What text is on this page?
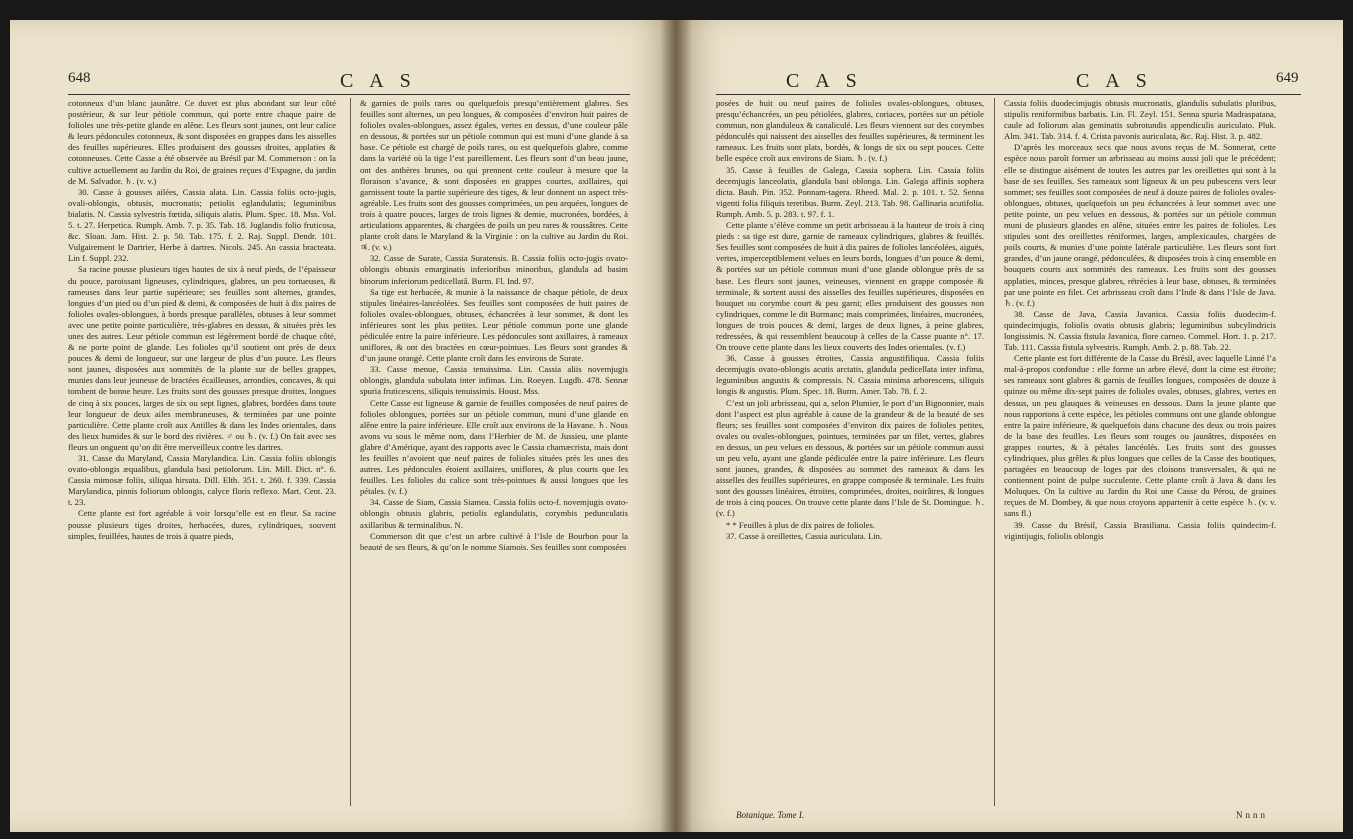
648	C A S

cotonneux d’un blanc jaunâtre. Ce duvet est plus abondant sur leur côté postérieur, & sur leur pétiole commun, qui porte entre chaque paire de folioles une très-petite glande en alêne. Les fleurs sont jaunes, ont leur calice & leurs pédoncules cotonneux, & sont disposées en grappes dans les aisselles des feuilles supérieures. Elles produisent des gousses droites, applaties & cotonneuses. Cette Casse a été observée au Brésil par M. Commerson : on la cultive actuellement au Jardin du Roi, de graines reçues d’Espagne, du jardin de M. Salvador. ♄. (v. v.)

30. Casse à gousses ailées, Cassia alata. Lin. Cassia foliis octo-jugis, ovali-oblongis, obtusis, mucronatis; petiolis eglandulatis; leguminibus bialatis. N. Cassia sylvestris fœtida, siliquis alatis. Plum. Spec. 18. Mss. Vol. 5. t. 27. Herpetica. Rumph. Amb. 7. p. 35. Tab. 18. Juglandis folio fruticosa, &c. Sloan. Jam. Hist. 2. p. 50. Tab. 175. f. 2. Raj. Suppl. Dendr. 101. Vulgairement le Dartrier, Herbe à dartres. Nicols. 245. An cassia bracteata. Lin f. Suppl. 232.

Sa racine pousse plusieurs tiges hautes de six à neuf pieds, de l’épaisseur du pouce, paroissant ligneuses, cylindriques, glabres, un peu tortueuses, & rameuses dans leur partie supérieure; ses feuilles sont alternes, grandes, longues d’un pied ou d’un pied & demi, & composées de huit à dix paires de folioles ovales-oblongues, à bords presque parallèles, obtuses à leur sommet avec une petite pointe particulière, très-glabres en dessus, & situées près les unes des autres. Leur pétiole commun est légèrement bordé de chaque côté, & ne porte point de glande. Les folioles qu’il soutient ont près de deux pouces & demi de longueur, sur une largeur de plus d’un pouce. Les fleurs sont jaunes, disposées aux sommités de la plante sur de belles grappes, munies dans leur jeunesse de bractées écailleuses, arrondies, concaves, & qui tombent de bonne heure. Les fruits sont des gousses presque droites, longues de cinq à six pouces, larges de six ou sept lignes, glabres, bordées dans toute leur longueur de deux ailes membraneuses, & terminées par une pointe particulière. Cette plante croît aux Antilles & dans les Indes orientales, dans des lieux humides & sur le bord des rivières. ♂ ou ♄. (v. f.) On fait avec ses fleurs un onguent qu’on dit être merveilleux contre les dartres.

31. Casse du Maryland, Cassia Marylandica. Lin. Cassia foliis oblongis ovato-oblongis æqualibus, glandula basi petiolorum. Lin. Mill. Dict. n°. 6. Cassia mimosæ foliis, siliqua hirsuta. Dill. Elth. 351. t. 260. f. 339. Cassia Marylandica, pinnis foliorum oblongis, calyce floris reflexo. Mart. Cent. 23. t. 23.

Cette plante est fort agréable à voir lorsqu’elle est en fleur. Sa racine pousse plusieurs tiges droites, herbacées, dures, cylindriques, souvent simples, feuillées, hautes de trois à quatre pieds,

& garnies de poils rares ou quelquefois presqu’entièrement glabres. Ses feuilles sont alternes, un peu longues, & composées d’environ huit paires de folioles ovales-oblongues, assez égales, vertes en dessus, d’une couleur pâle en dessous, & portées sur un pétiole commun qui est muni d’une glande à sa base. Ce pétiole est chargé de poils rares, ou est quelquefois glabre, comme dans la variété où la tige l’est pareillement. Les fleurs sont d’un beau jaune, ont des anthères brunes, ou qui prennent cette couleur à mesure que la floraison s’avance, & sont disposées en grappes courtes, axillaires, qui garnissent toute la partie supérieure des tiges, & leur donnent un aspect très-agréable. Les fruits sont des gousses comprimées, un peu arquées, longues de trois à quatre pouces, larges de trois lignes & demie, mucronées, bordées, à articulations apparentes, & chargées de poils un peu rares & roussâtres. Cette plante croît dans le Maryland & la Virginie : on la cultive au Jardin du Roi. ♃. (v. v.)

32. Casse de Surate, Cassia Suratensis. B. Cassia foliis octo-jugis ovato-oblongis obtusis emarginatis inferioribus minoribus, glandula ad basim binorum inferiorum pedicellatâ. Burm. Fl. Ind. 97.

Sa tige est herbacée, & munie à la naissance de chaque pétiole, de deux stipules linéaires-lancéolées. Ses feuilles sont composées de huit paires de folioles ovales-oblongues, obtuses, échancrées à leur sommet, & dont les inférieures sont les plus petites. Leur pétiole commun porte une glande pédiculée entre la paire inférieure. Les pédoncules sont axillaires, à rameaux uniflores, & ont des bractées en cœur-pointues. Les fleurs sont grandes & d’un jaune orangé. Cette plante croît dans les environs de Surate.

33. Casse menue, Cassia tenuissima. Lin. Cassia aliis novemjugis oblongis, glandula subulata inter infimas. Lin. Roeyen. Lugdb. 478. Sennæ spuria fruticescens, siliquis tenuissimis. Houst. Mss.

Cette Casse est ligneuse & garnie de feuilles composées de neuf paires de folioles oblongues, portées sur un pétiole commun, muni d’une glande en alêne entre la paire inférieure. Elle croît aux environs de la Havane. ♄. Nous avons vu sous le même nom, dans l’Herbier de M. de Jussieu, une plante glabre d’Amérique, ayant des rapports avec le Cassia chamæcrista, mais dont les feuilles n’avoient que neuf paires de folioles situées près les unes des autres. Les pédoncules étoient axillaires, uniflores, & plus courts que les feuilles. Les folioles du calice sont très-pointues & aussi longues que les pétales. (v. f.)

34. Casse de Siam, Cassia Siamea. Cassia foliis octo-f. novemjugis ovato-oblongis obtusis glabris, petiolis eglandulatis, corymbis pedunculatis axillaribus & terminalibus. N.

Commerson dit que c’est un arbre cultivé à l’Isle de Bourbon pour la beauté de ses fleurs, & qu’on le nomme Siamois. Ses feuilles sont composées

C A S	C A S	649

posées de huit ou neuf paires de folioles ovales-oblongues, obtuses, presqu’échancrées, un peu pétiolées, glabres, coriaces, portées sur un pétiole commun, non glanduleux & canaliculé. Les fleurs viennent sur des corymbes pédonculés qui naissent des aisselles des feuilles supérieures, & terminent les rameaux. Les fruits sont plats, bordés, & longs de six ou sept pouces. Cette belle espèce croît aux environs de Siam. ♄. (v. f.)

35. Casse à feuilles de Galega, Cassia sophera. Lin. Cassia foliis decemjugis lanceolatis, glandula basi oblonga. Lin. Galega affinis sophera dicta. Bauh. Pin. 352. Ponnam-tagera. Rheed. Mal. 2. p. 101. t. 52. Senna vigenti folia filiquis teretibus. Burm. Zeyl. 213. Tab. 98. Gallinaria acutifolia. Rumph. Amb. 5. p. 283. t. 97. f. 1.

Cette plante s’élève comme un petit arbrisseau à la hauteur de trois à cinq pieds : sa tige est dure, garnie de rameaux cylindriques, glabres & feuillés. Ses feuilles sont composées de huit à dix paires de folioles lancéolées, aiguës, vertes, imperceptiblement velues en leurs bords, longues d’un pouce & demi, & portées sur un pétiole commun muni d’une glande oblongue près de sa base. Les fleurs sont jaunes, veineuses, viennent en grappe composée & terminale, & sortent aussi des aisselles des feuilles supérieures, disposées en bouquet ou corymbe court & peu garni; elles produisent des gousses non cylindriques, comme le dit Burmanc; mais comprimées, linéaires, mucronées, longues de trois pouces & demi, larges de deux lignes, à peine glabres, redressées, & qui ressemblent beaucoup à celles de la Casse puante n°. 17. On trouve cette plante dans les lieux couverts des Indes orientales. (v. f.)

36. Casse à gousses étroites, Cassia angustifiliqua. Cassia foliis decemjugis ovato-oblongis acutis arctatis, glandula pedicellata inter infima, leguminibus angustis & compressis. N. Cassia minima arborescens, siliquis longis & angustis. Plum. Spec. 18. Burm. Amer. Tab. 78. f. 2.

C’est un joli arbrisseau, qui a, selon Plumier, le port d’un Bignonnier, mais dont l’aspect est plus agréable à cause de la grandeur & de la beauté de ses fleurs; ses feuilles sont composées d’environ dix paires de folioles petites, ovales ou ovales-oblongues, pointues, terminées par un filet, vertes, glabres en dessus, un peu velues en dessous, & portées sur un pétiole commun aussi un peu velu, ayant une glande pédiculée entre la paire inférieure. Les fleurs sont jaunes, grandes, & disposées au sommet des rameaux & dans les aisselles des feuilles supérieures, en grappe composée & terminale. Les fruits sont des gousses linéaires, étroites, comprimées, droites, noirâtres, & longues de trois à cinq pouces. On trouve cette plante dans l’Isle de St. Domingue. ♄. (v. f.)

* * Feuilles à plus de dix paires de folioles.

37. Casse à oreillettes, Cassia auriculata. Lin.

Cassia foliis duodecimjugis obtusis mucronatis, glandulis subulatis pluribus, stipulis reniformibus barbatis. Lin. Fl. Zeyl. 151. Senna spuria Madraspatana, caule ad foliorum alas geminatis subrotundis appendiculis auriculato. Pluk. Alm. 341. Tab. 314. f. 4. Crista pavonis auriculata, &c. Raj. Hist. 3. p. 482.

D’après les morceaux secs que nous avons reçus de M. Sonnerat, cette espèce nous paroît former un arbrisseau au moins aussi joli que le précédent; elle se distingue aisément de toutes les autres par les oreillettes qui sont à la base de ses feuilles. Ses rameaux sont ligneux & un peu pubescens vers leur sommet; ses feuilles sont composées de neuf à douze paires de folioles ovales-oblongues, obtuses, quelquefois un peu échancrées à leur sommet avec une petite pointe, un peu velues en dessous, & portées sur un pétiole commun muni de plusieurs glandes en alêne, situées entre les paires de folioles. Les stipules sont des oreillettes réniformes, larges, amplexicaules, chargées de poils courts, & munies d’une pointe latérale particulière. Les fleurs sont fort grandes, d’un jaune orangé, pédonculées, & disposées trois à cinq ensemble en bouquets courts aux sommités des rameaux. Les fruits sont des gousses applaties, minces, presque glabres, rétrécies à leur base, obtuses, & terminées par une pointe en filet. Cet arbrisseau croît dans l’Inde & dans l’Isle de Java. ♄. (v. f.)

38. Casse de Java, Cassia Javanica. Cassia foliis duodecim-f. quindecimjugis, foliolis ovatis obtusis glabris; leguminibus subcylindricis longissimis. N. Cassia fistula Javanica, flore carneo. Commel. Hort. 1. p. 217. Tab. 111. Cassia fistula sylvestris. Rumph. Amb. 2. p. 88. Tab. 22.

Cette plante est fort différente de la Casse du Brésil, avec laquelle Linné l’a mal-à-propos confondue : elle forme un arbre élevé, dont la cime est étroite; ses rameaux sont glabres & garnis de feuilles longues, composées de douze à quinze ou même dix-sept paires de folioles ovales, obtuses, glabres, vertes en dessus, un peu glauques & veineuses en dessous. Dans la jeune plante que nous rapportons à cette espèce, les pétioles communs ont une glande oblongue entre la paire inférieure, & quelquefois dans chacune des deux ou trois paires de la base des feuilles. Les fleurs sont rouges ou jaunâtres, disposées en grappes courtes, & à pétales lancéolés. Les fruits sont des gousses cylindriques, plus grêles & plus longues que celles de la Casse des boutiques, partagées en beaucoup de loges par des cloisons transversales, & qui ne contiennent point de pulpe succulente. Cette plante croît à Java & dans les Moluques. On la cultive au Jardin du Roi une Casse du Pérou, de graines reçues de M. Dombey, & que nous croyons appartenir à cette espèce ♄. (v. v. sans fl.)

39. Casse du Brésil, Cassia Brasiliana. Cassia foliis quindecim-f. vigintijugis, foliolis oblongis

Botanique. Tome I.	Nnnn
